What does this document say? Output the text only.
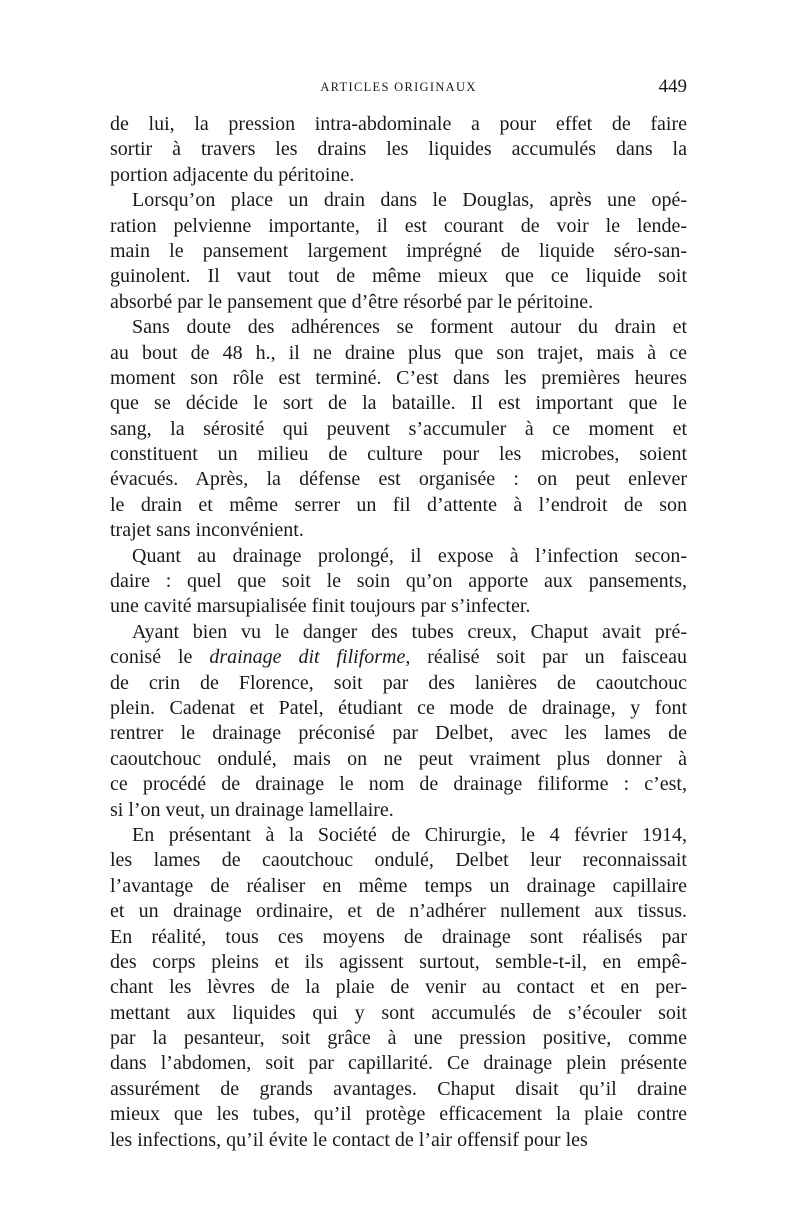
ARTICLES ORIGINAUX	449
de lui, la pression intra-abdominale a pour effet de faire
sortir à travers les drains les liquides accumulés dans la
portion adjacente du péritoine.
Lorsqu’on place un drain dans le Douglas, après une opé-
ration pelvienne importante, il est courant de voir le lende-
main le pansement largement imprégné de liquide séro-san-
guinolent. Il vaut tout de même mieux que ce liquide soit
absorbé par le pansement que d’être résorbé par le péritoine.
Sans doute des adhérences se forment autour du drain et
au bout de 48 h., il ne draine plus que son trajet, mais à ce
moment son rôle est terminé. C’est dans les premières heures
que se décide le sort de la bataille. Il est important que le
sang, la sérosité qui peuvent s’accumuler à ce moment et
constituent un milieu de culture pour les microbes, soient
évacués. Après, la défense est organisée : on peut enlever
le drain et même serrer un fil d’attente à l’endroit de son
trajet sans inconvénient.
Quant au drainage prolongé, il expose à l’infection secon-
daire : quel que soit le soin qu’on apporte aux pansements,
une cavité marsupialisée finit toujours par s’infecter.
Ayant bien vu le danger des tubes creux, Chaput avait pré-
conisé le drainage dit filiforme, réalisé soit par un faisceau
de crin de Florence, soit par des lanières de caoutchouc
plein. Cadenat et Patel, étudiant ce mode de drainage, y font
rentrer le drainage préconisé par Delbet, avec les lames de
caoutchouc ondulé, mais on ne peut vraiment plus donner à
ce procédé de drainage le nom de drainage filiforme : c’est,
si l’on veut, un drainage lamellaire.
En présentant à la Société de Chirurgie, le 4 février 1914,
les lames de caoutchouc ondulé, Delbet leur reconnaissait
l’avantage de réaliser en même temps un drainage capillaire
et un drainage ordinaire, et de n’adhérer nullement aux tissus.
En réalité, tous ces moyens de drainage sont réalisés par
des corps pleins et ils agissent surtout, semble-t-il, en empê-
chant les lèvres de la plaie de venir au contact et en per-
mettant aux liquides qui y sont accumulés de s’écouler soit
par la pesanteur, soit grâce à une pression positive, comme
dans l’abdomen, soit par capillarité. Ce drainage plein présente
assurément de grands avantages. Chaput disait qu’il draine
mieux que les tubes, qu’il protège efficacement la plaie contre
les infections, qu’il évite le contact de l’air offensif pour les
